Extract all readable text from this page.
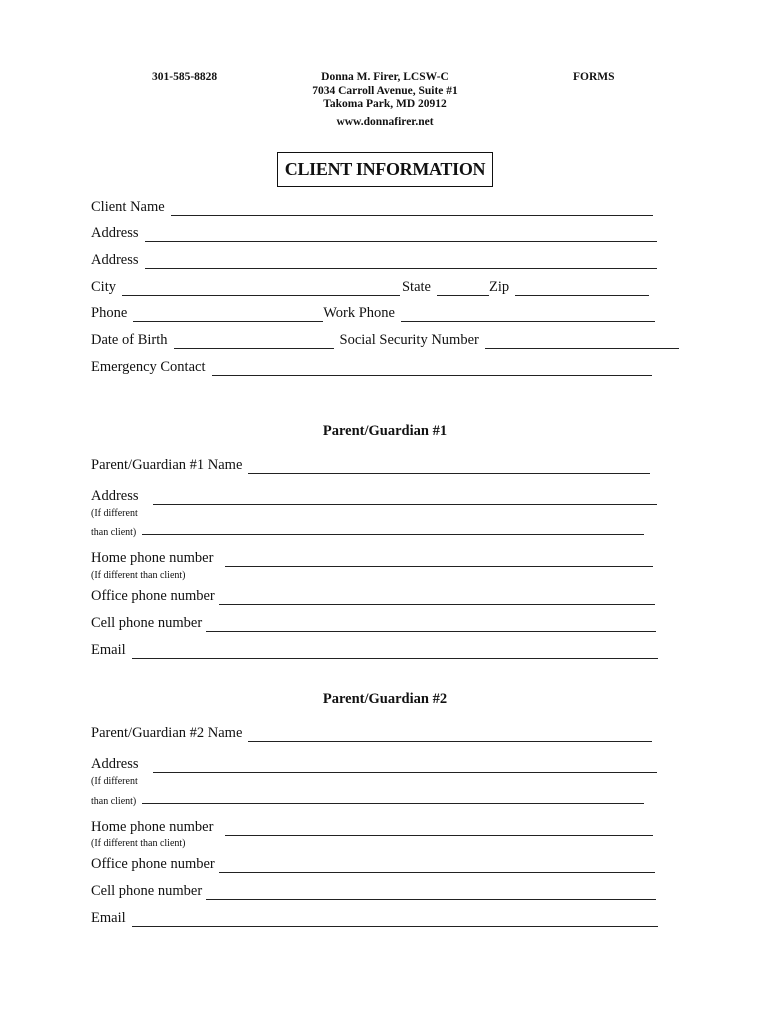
301-585-8828	Donna M. Firer, LCSW-C
7034 Carroll Avenue, Suite #1
Takoma Park, MD 20912
www.donnafirer.net
FORMS
CLIENT INFORMATION
Client Name
Address
Address
City	State	Zip
Phone	Work Phone
Date of Birth	Social Security Number
Emergency Contact
Parent/Guardian #1
Parent/Guardian #1 Name
Address
(If different
than client)
Home phone number
(If different than client)
Office phone number
Cell phone number
Email
Parent/Guardian #2
Parent/Guardian #2 Name
Address
(If different
than client)
Home phone number
(If different than client)
Office phone number
Cell phone number
Email
